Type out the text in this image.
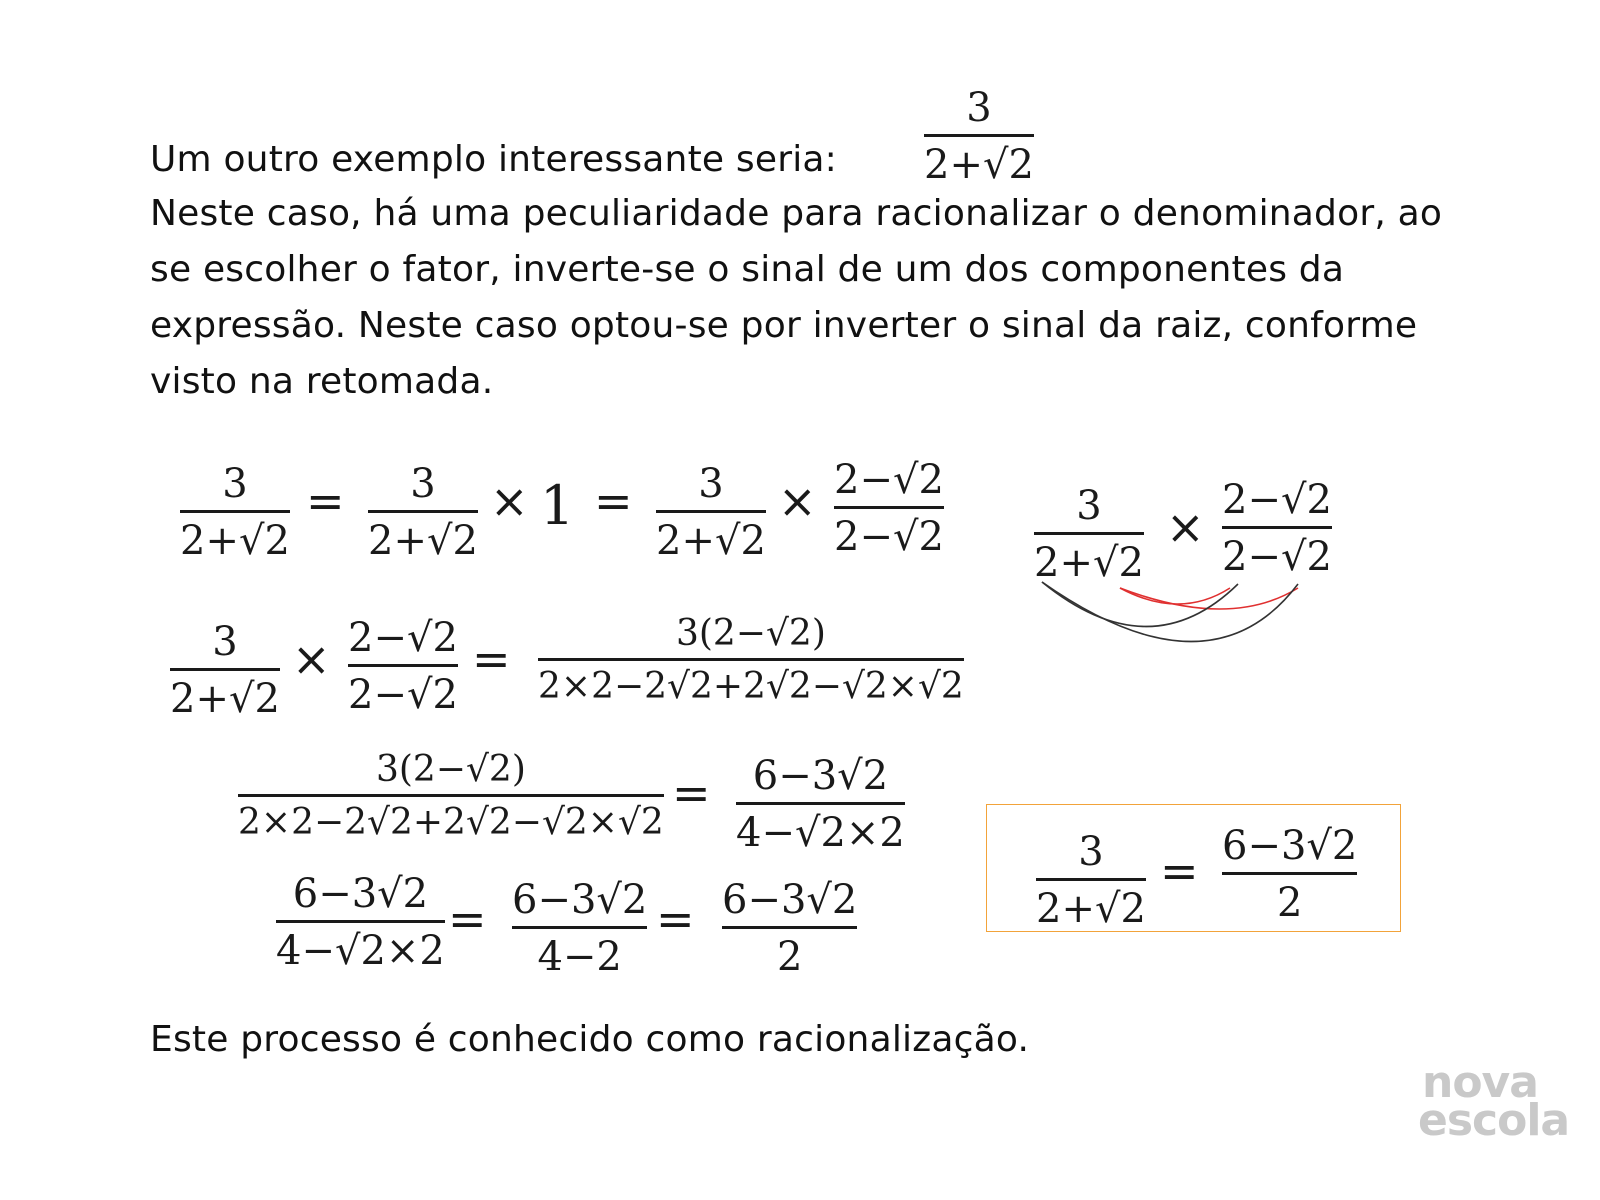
Um outro exemplo interessante seria:
Neste caso, há uma peculiaridade para racionalizar o denominador, ao se escolher o fator, inverte-se o sinal de um dos componentes da expressão. Neste caso optou-se por inverter o sinal da raiz, conforme visto na retomada.
Este processo é conhecido como racionalização.
3
2+√2
3
2+√2
= 3
2+√2
× 1 = 3
2+√2
× 2−√2
2−√2
3
2+√2
× 2−√2
2−√2
=	3(2−√2)
2×2−2√2+2√2−√2×√2
3(2−√2)
2×2−2√2+2√2−√2×√2
= 6−3√2
4−√2×2
6−3√2
4−√2×2
= 6−3√2
4−2
= 6−3√2
2
3
2+√2
× 2−√2
2−√2
3
2+√2
= 6−3√2
2
nova
escola
